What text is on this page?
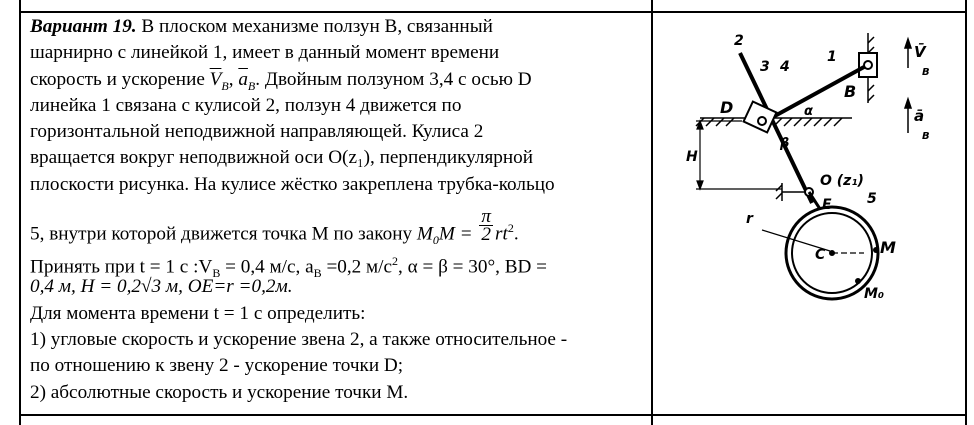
Вариант 19. В плоском механизме ползун B, связанный
шарнирно с линейкой 1, имеет в данный момент времени
скорость и ускорение $\overline{V}_B$, $\overline{a}_B$. Двойным ползуном 3,4 с осью D
линейка 1 связана с кулисой 2, ползун 4 движется по
горизонтальной неподвижной направляющей. Кулиса 2
вращается вокруг неподвижной оси O(z₁), перпендикулярной
плоскости рисунка. На кулисе жёстко закреплена трубка-кольцо
5, внутри которой движется точка M по закону $M_0M = \frac{\pi}{2} rt^2$.
Принять при t = 1 c $:V_B = 0,4$ м/c, $a_B =0,2$ $м/c^2$, α = β = 30°, BD =
0,4 м, H = 0,2√3 м, OE=r =0,2м.
Для момента времени t = 1 c определить:
1) угловые скорость и ускорение звена 2, а также относительное -
по отношению к звену 2 - ускорение точки D;
2) абсолютные скорость и ускорение точки M.
2
3 4
1
B
D	α
β
O (z₁)
H
E	5
r
C	M
M₀
V̄
B
ā
B
